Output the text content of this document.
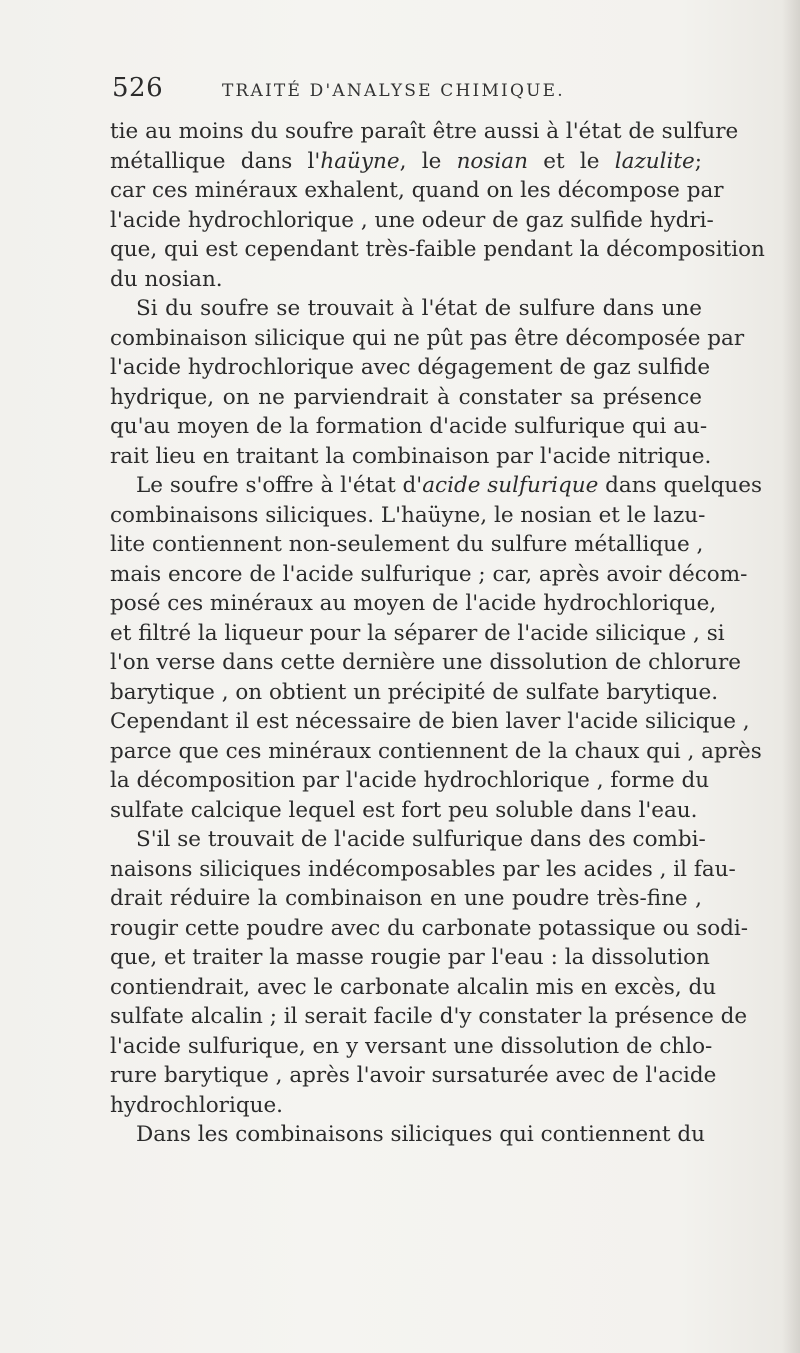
526	TRAITÉ D'ANALYSE CHIMIQUE.
tie au moins du soufre paraît être aussi à l'état de sulfure
métallique dans l'haüyne, le nosian et le lazulite;
car ces minéraux exhalent, quand on les décompose par
l'acide hydrochlorique , une odeur de gaz sulfide hydri-
que, qui est cependant très-faible pendant la décomposition
du nosian.
Si du soufre se trouvait à l'état de sulfure dans une
combinaison silicique qui ne pût pas être décomposée par
l'acide hydrochlorique avec dégagement de gaz sulfide
hydrique, on ne parviendrait à constater sa présence
qu'au moyen de la formation d'acide sulfurique qui au-
rait lieu en traitant la combinaison par l'acide nitrique.
Le soufre s'offre à l'état d'acide sulfurique dans quelques
combinaisons siliciques. L'haüyne, le nosian et le lazu-
lite contiennent non-seulement du sulfure métallique ,
mais encore de l'acide sulfurique ; car, après avoir décom-
posé ces minéraux au moyen de l'acide hydrochlorique,
et filtré la liqueur pour la séparer de l'acide silicique , si
l'on verse dans cette dernière une dissolution de chlorure
barytique , on obtient un précipité de sulfate barytique.
Cependant il est nécessaire de bien laver l'acide silicique ,
parce que ces minéraux contiennent de la chaux qui , après
la décomposition par l'acide hydrochlorique , forme du
sulfate calcique lequel est fort peu soluble dans l'eau.
S'il se trouvait de l'acide sulfurique dans des combi-
naisons siliciques indécomposables par les acides , il fau-
drait réduire la combinaison en une poudre très-fine ,
rougir cette poudre avec du carbonate potassique ou sodi-
que, et traiter la masse rougie par l'eau : la dissolution
contiendrait, avec le carbonate alcalin mis en excès, du
sulfate alcalin ; il serait facile d'y constater la présence de
l'acide sulfurique, en y versant une dissolution de chlo-
rure barytique , après l'avoir sursaturée avec de l'acide
hydrochlorique.
Dans les combinaisons siliciques qui contiennent du
